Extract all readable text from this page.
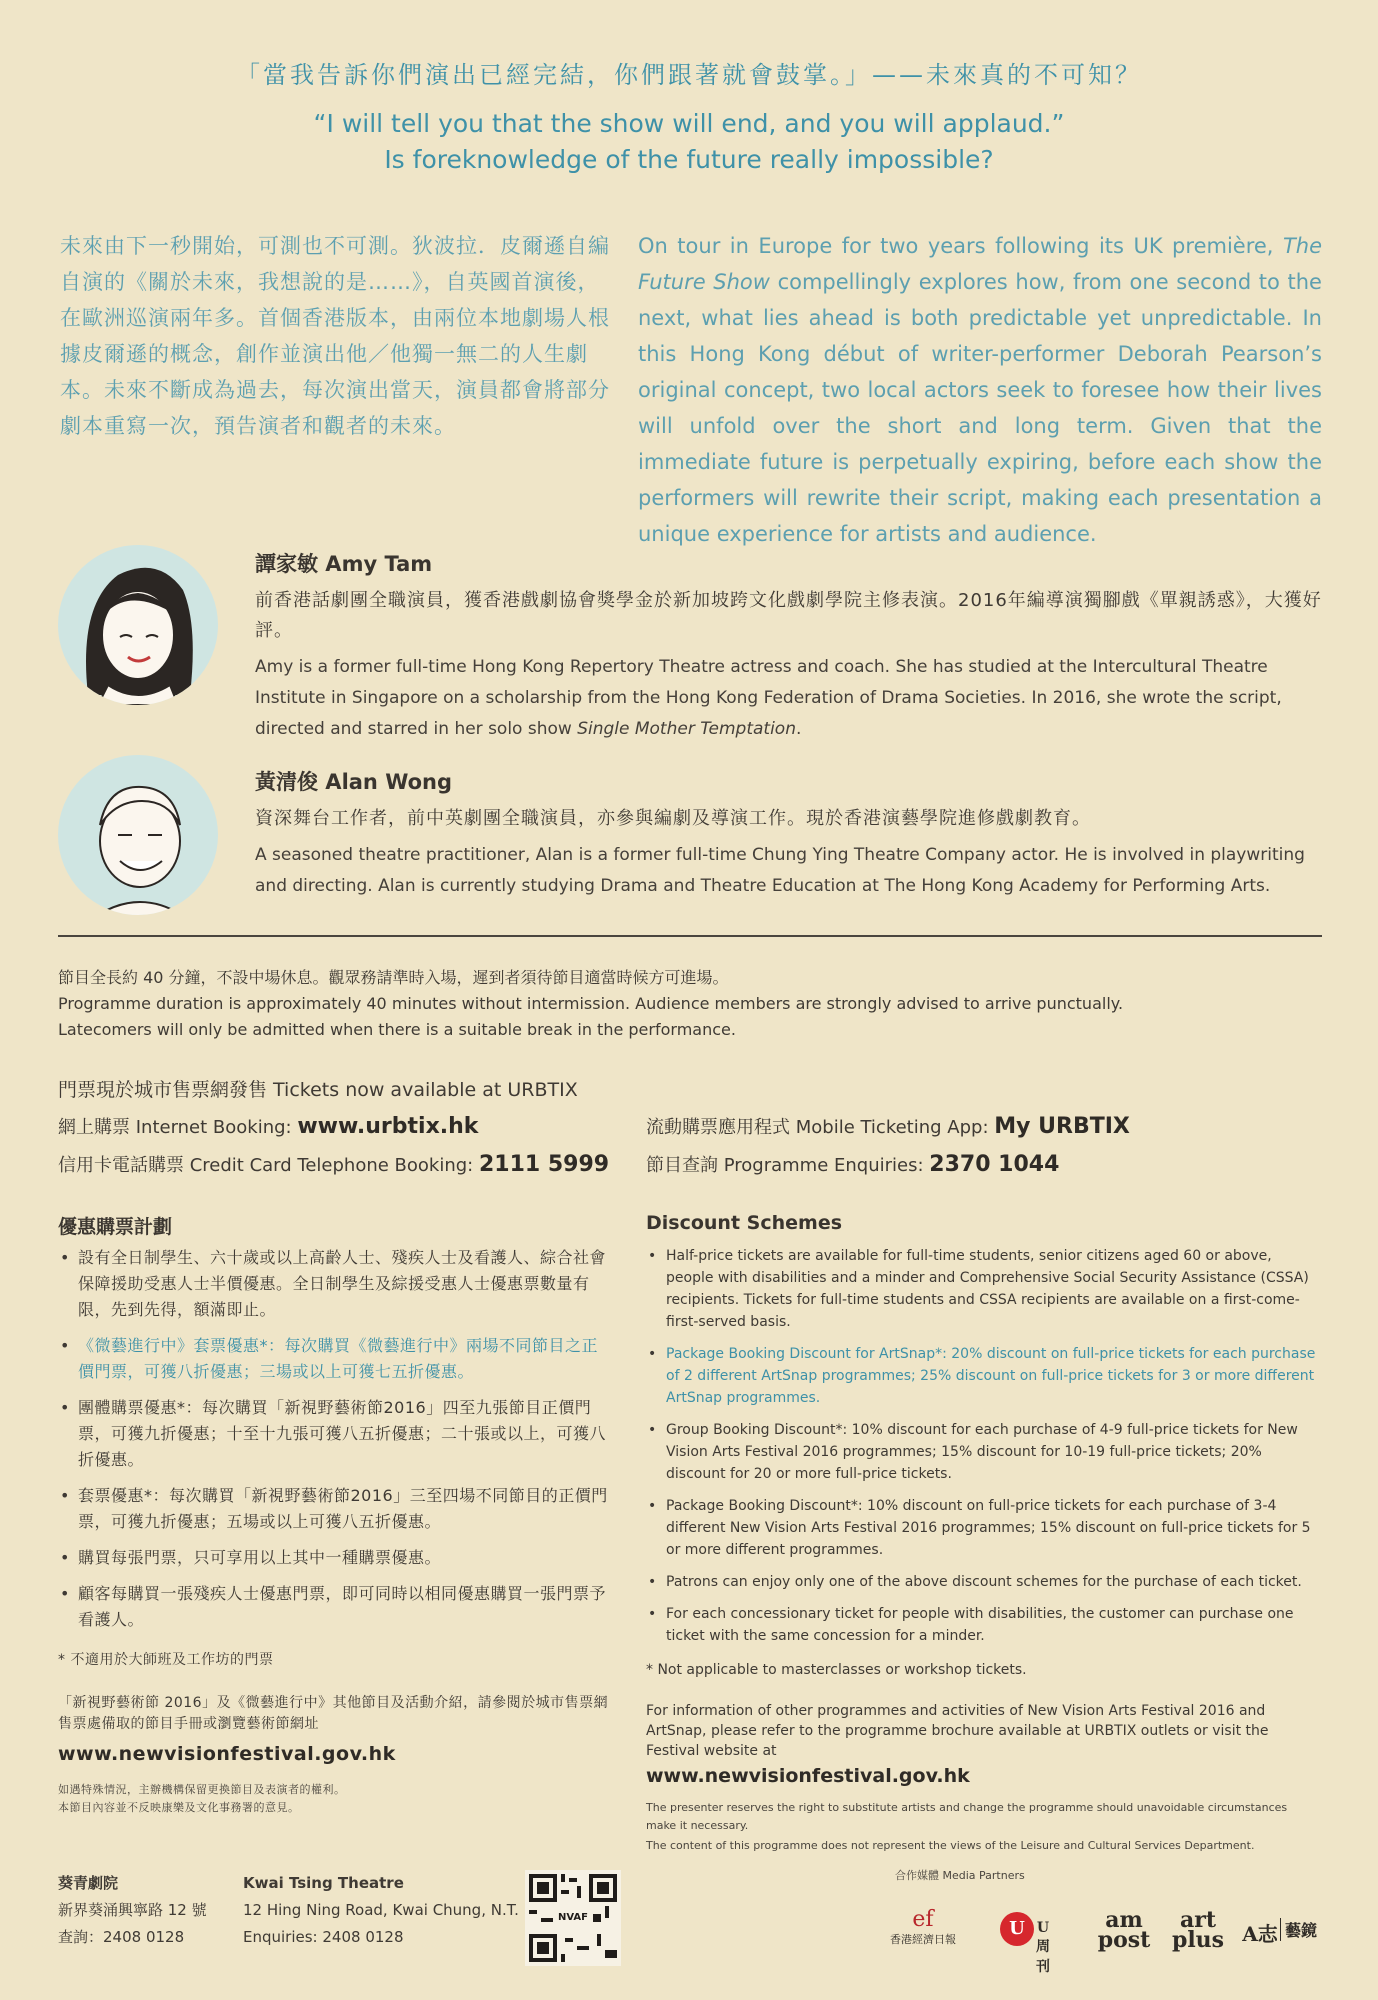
「當我告訴你們演出已經完結，你們跟著就會鼓掌。」——未來真的不可知？
“I will tell you that the show will end, and you will applaud.”
Is foreknowledge of the future really impossible?
未來由下一秒開始，可測也不可測。狄波拉．皮爾遜自編自演的《關於未來，我想說的是……》，自英國首演後，在歐洲巡演兩年多。首個香港版本，由兩位本地劇場人根據皮爾遜的概念，創作並演出他／他獨一無二的人生劇本。未來不斷成為過去，每次演出當天，演員都會將部分劇本重寫一次，預告演者和觀者的未來。
On tour in Europe for two years following its UK première, The Future Show compellingly explores how, from one second to the next, what lies ahead is both predictable yet unpredictable. In this Hong Kong début of writer-performer Deborah Pearson’s original concept, two local actors seek to foresee how their lives will unfold over the short and long term. Given that the immediate future is perpetually expiring, before each show the performers will rewrite their script, making each presentation a unique experience for artists and audience.
譚家敏 Amy Tam
前香港話劇團全職演員，獲香港戲劇協會獎學金於新加坡跨文化戲劇學院主修表演。2016年編導演獨腳戲《單親誘惑》，大獲好評。
Amy is a former full-time Hong Kong Repertory Theatre actress and coach. She has studied at the Intercultural Theatre Institute in Singapore on a scholarship from the Hong Kong Federation of Drama Societies. In 2016, she wrote the script, directed and starred in her solo show Single Mother Temptation.
黃清俊 Alan Wong
資深舞台工作者，前中英劇團全職演員，亦參與編劇及導演工作。現於香港演藝學院進修戲劇教育。
A seasoned theatre practitioner, Alan is a former full-time Chung Ying Theatre Company actor. He is involved in playwriting and directing. Alan is currently studying Drama and Theatre Education at The Hong Kong Academy for Performing Arts.
節目全長約 40 分鐘，不設中場休息。觀眾務請準時入場，遲到者須待節目適當時候方可進場。
Programme duration is approximately 40 minutes without intermission. Audience members are strongly advised to arrive punctually.
Latecomers will only be admitted when there is a suitable break in the performance.
門票現於城市售票網發售 Tickets now available at URBTIX
網上購票 Internet Booking: www.urbtix.hk
信用卡電話購票 Credit Card Telephone Booking: 2111 5999
流動購票應用程式 Mobile Ticketing App: My URBTIX
節目查詢 Programme Enquiries: 2370 1044
優惠購票計劃	Discount Schemes
• 設有全日制學生、六十歲或以上高齡人士、殘疾人士及看護人、綜合社會保障援助受惠人士半價優惠。全日制學生及綜援受惠人士優惠票數量有限，先到先得，額滿即止。
• 《微藝進行中》套票優惠*：每次購買《微藝進行中》兩場不同節目之正價門票，可獲八折優惠；三場或以上可獲七五折優惠。
• 團體購票優惠*：每次購買「新視野藝術節2016」四至九張節目正價門票，可獲九折優惠；十至十九張可獲八五折優惠；二十張或以上，可獲八折優惠。
• 套票優惠*：每次購買「新視野藝術節2016」三至四場不同節目的正價門票，可獲九折優惠；五場或以上可獲八五折優惠。
• 購買每張門票，只可享用以上其中一種購票優惠。
• 顧客每購買一張殘疾人士優惠門票，即可同時以相同優惠購買一張門票予看護人。
* 不適用於大師班及工作坊的門票
「新視野藝術節 2016」及《微藝進行中》其他節目及活動介紹，請參閱於城市售票網售票處備取的節目手冊或瀏覽藝術節網址
www.newvisionfestival.gov.hk
如遇特殊情況，主辦機構保留更換節目及表演者的權利。
本節目內容並不反映康樂及文化事務署的意見。
• Half-price tickets are available for full-time students, senior citizens aged 60 or above, people with disabilities and a minder and Comprehensive Social Security Assistance (CSSA) recipients. Tickets for full-time students and CSSA recipients are available on a first-come-first-served basis.
• Package Booking Discount for ArtSnap*: 20% discount on full-price tickets for each purchase of 2 different ArtSnap programmes; 25% discount on full-price tickets for 3 or more different ArtSnap programmes.
• Group Booking Discount*: 10% discount for each purchase of 4-9 full-price tickets for New Vision Arts Festival 2016 programmes; 15% discount for 10-19 full-price tickets; 20% discount for 20 or more full-price tickets.
• Package Booking Discount*: 10% discount on full-price tickets for each purchase of 3-4 different New Vision Arts Festival 2016 programmes; 15% discount on full-price tickets for 5 or more different programmes.
• Patrons can enjoy only one of the above discount schemes for the purchase of each ticket.
• For each concessionary ticket for people with disabilities, the customer can purchase one ticket with the same concession for a minder.
* Not applicable to masterclasses or workshop tickets.
For information of other programmes and activities of New Vision Arts Festival 2016 and ArtSnap, please refer to the programme brochure available at URBTIX outlets or visit the Festival website at
www.newvisionfestival.gov.hk
The presenter reserves the right to substitute artists and change the programme should unavoidable circumstances make it necessary.
The content of this programme does not represent the views of the Leisure and Cultural Services Department.
葵青劇院
新界葵涌興寧路 12 號
查詢：2408 0128
Kwai Tsing Theatre
12 Hing Ning Road, Kwai Chung, N.T.
Enquiries: 2408 0128
NVAF
合作媒體 Media Partners
ef
香港經濟日報
U U周刊
am post
art plus A志 藝鏡
